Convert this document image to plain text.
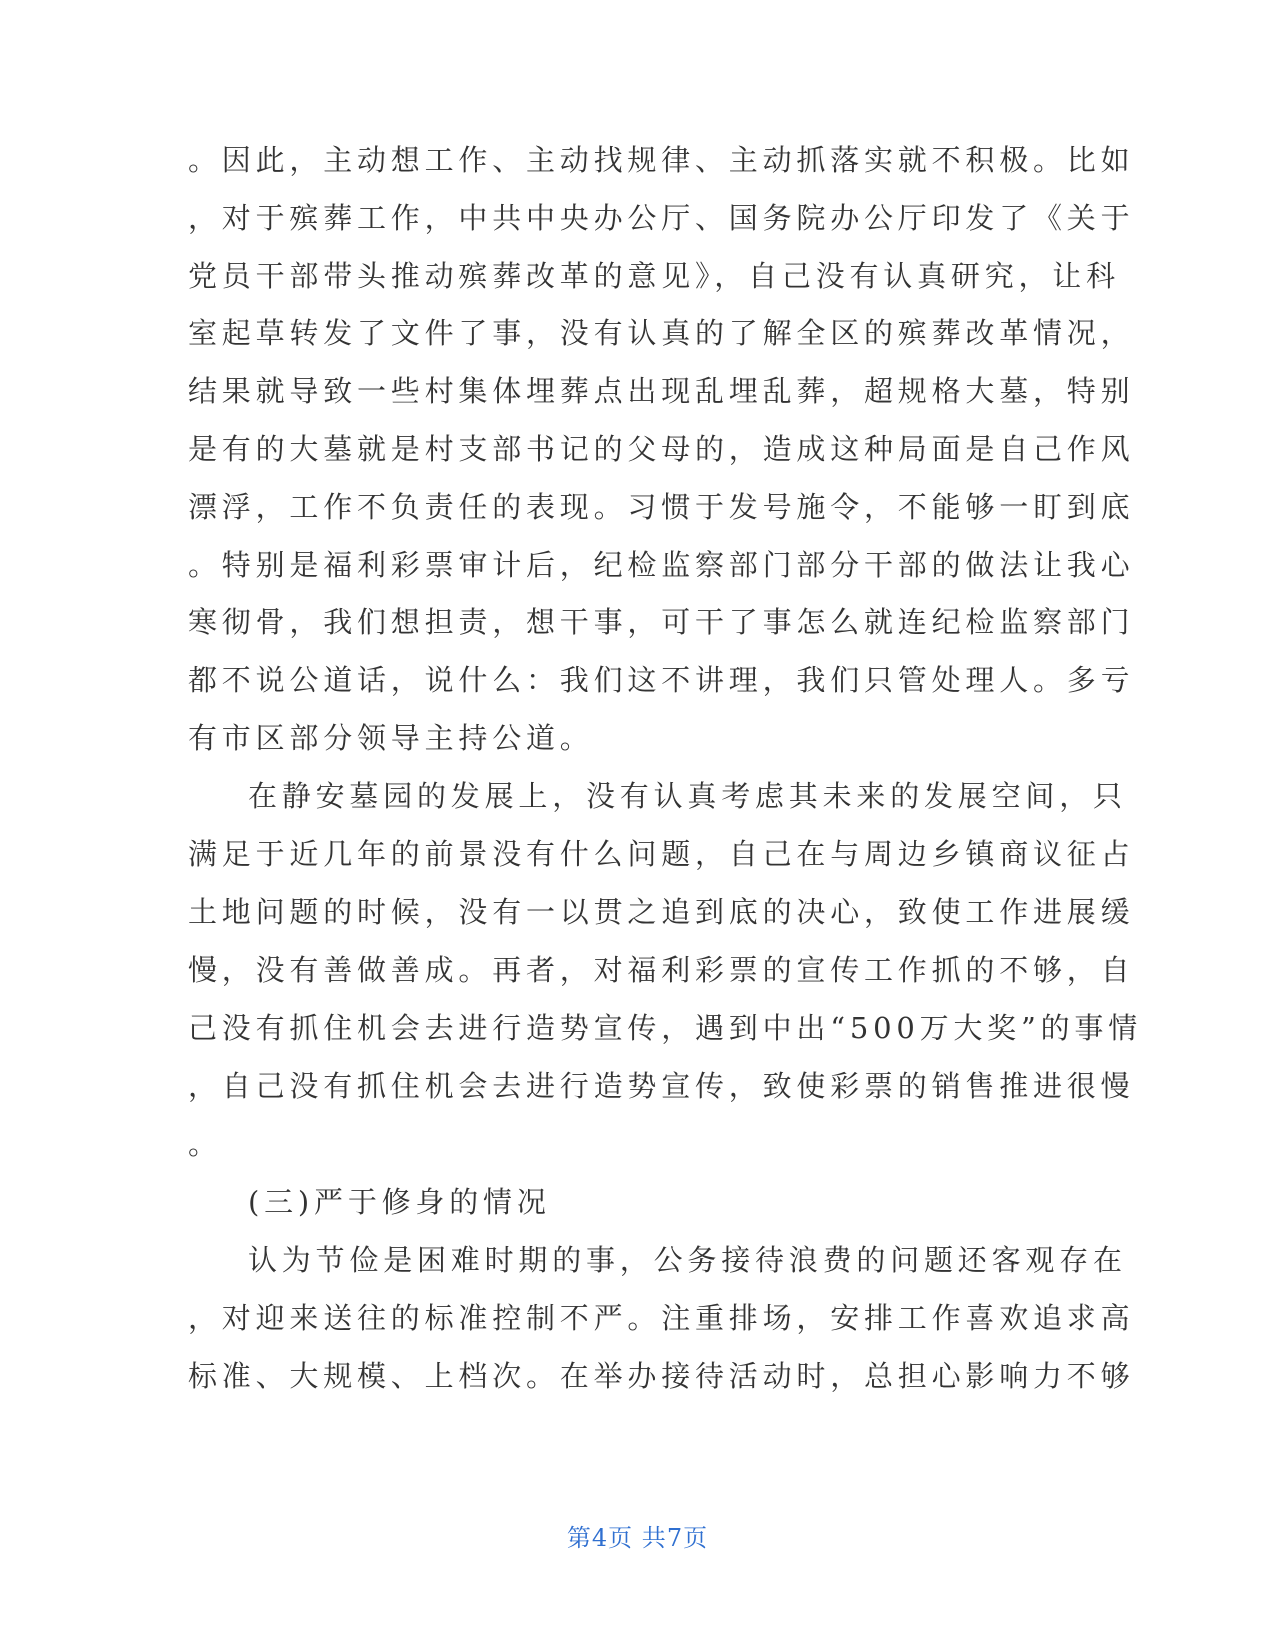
。因此，主动想工作、主动找规律、主动抓落实就不积极。比如
，对于殡葬工作，中共中央办公厅、国务院办公厅印发了《关于
党员干部带头推动殡葬改革的意见》，自己没有认真研究，让科
室起草转发了文件了事，没有认真的了解全区的殡葬改革情况，
结果就导致一些村集体埋葬点出现乱埋乱葬，超规格大墓，特别
是有的大墓就是村支部书记的父母的，造成这种局面是自己作风
漂浮，工作不负责任的表现。习惯于发号施令，不能够一盯到底
。特别是福利彩票审计后，纪检监察部门部分干部的做法让我心
寒彻骨，我们想担责，想干事，可干了事怎么就连纪检监察部门
都不说公道话，说什么：我们这不讲理，我们只管处理人。多亏
有市区部分领导主持公道。
在静安墓园的发展上，没有认真考虑其未来的发展空间，只
满足于近几年的前景没有什么问题，自己在与周边乡镇商议征占
土地问题的时候，没有一以贯之追到底的决心，致使工作进展缓
慢，没有善做善成。再者，对福利彩票的宣传工作抓的不够，自
己没有抓住机会去进行造势宣传，遇到中出“500万大奖”的事情
，自己没有抓住机会去进行造势宣传，致使彩票的销售推进很慢
。
(三)严于修身的情况
认为节俭是困难时期的事，公务接待浪费的问题还客观存在
，对迎来送往的标准控制不严。注重排场，安排工作喜欢追求高
标准、大规模、上档次。在举办接待活动时，总担心影响力不够
第4页 共7页
